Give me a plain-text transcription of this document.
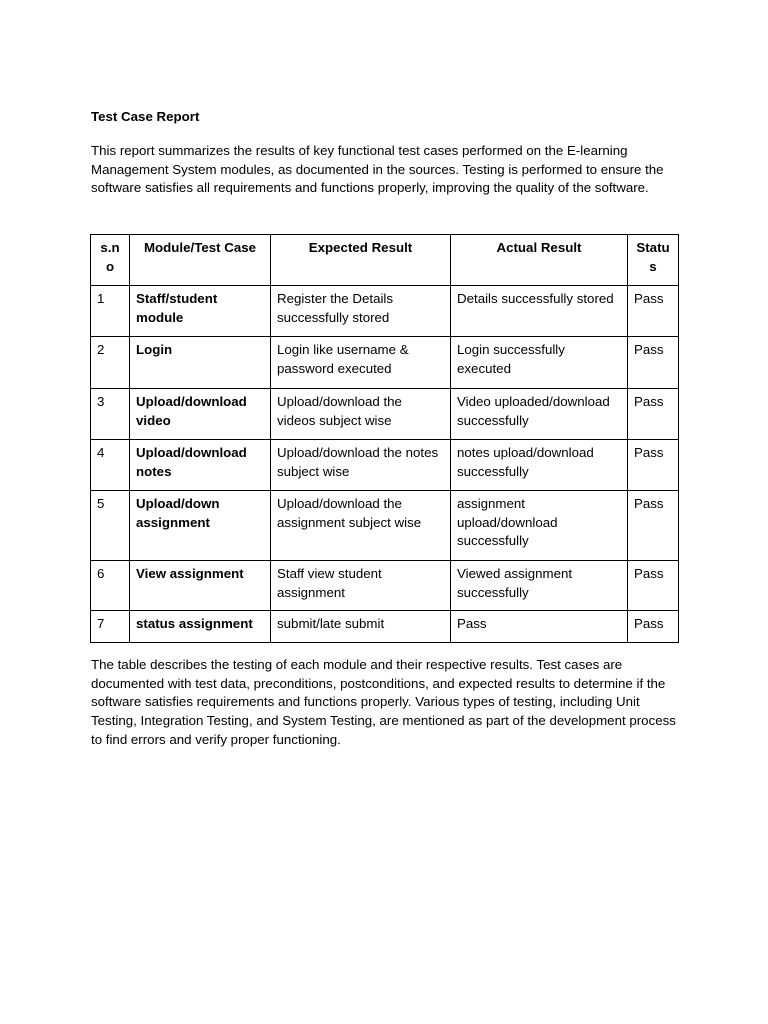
Test Case Report
This report summarizes the results of key functional test cases performed on the E-learning Management System modules, as documented in the sources. Testing is performed to ensure the software satisfies all requirements and functions properly, improving the quality of the software.
s.no	Module/Test Case	Expected Result	Actual Result	Status
1	Staff/student module	Register the Details successfully stored	Details successfully stored	Pass
2	Login	Login like username & password executed	Login successfully executed	Pass
3	Upload/download video	Upload/download the videos subject wise	Video uploaded/download successfully	Pass
4	Upload/download notes	Upload/download the notes subject wise	notes upload/download successfully	Pass
5	Upload/down assignment	Upload/download the assignment subject wise	assignment upload/download successfully	Pass
6	View assignment	Staff view student assignment	Viewed assignment successfully	Pass
7	status assignment	submit/late submit	Pass	Pass
The table describes the testing of each module and their respective results. Test cases are documented with test data, preconditions, postconditions, and expected results to determine if the software satisfies requirements and functions properly. Various types of testing, including Unit Testing, Integration Testing, and System Testing, are mentioned as part of the development process to find errors and verify proper functioning.
